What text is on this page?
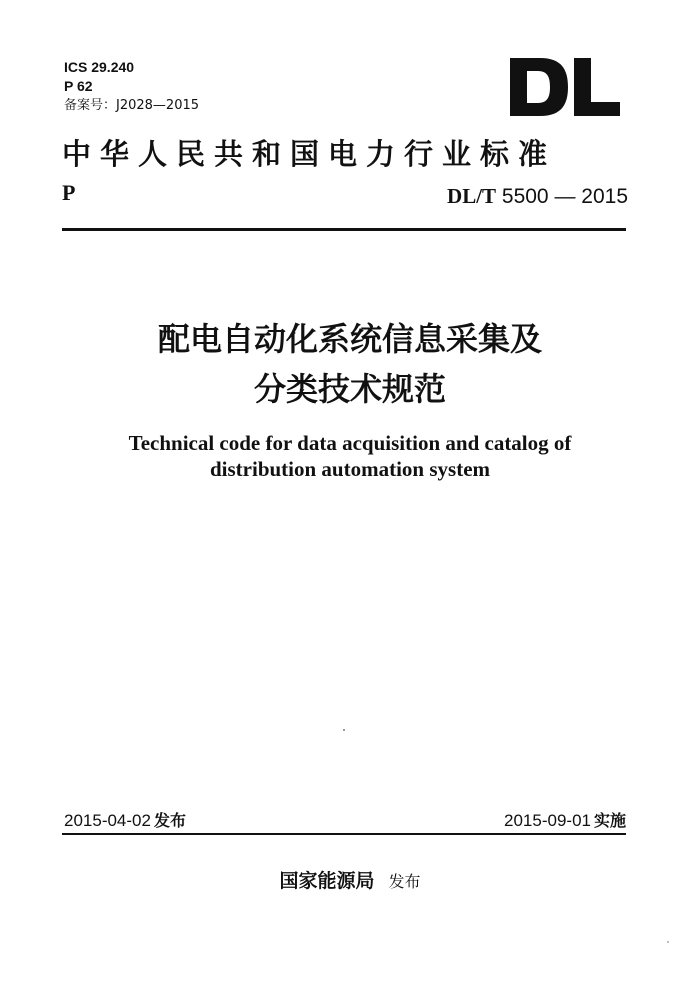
ICS 29.240
P 62
备案号：J2028—2015
中华人民共和国电力行业标准
P	DL/T 5500 — 2015
配电自动化系统信息采集及
分类技术规范
Technical code for data acquisition and catalog of
distribution automation system
2015-04-02 发布	2015-09-01 实施
国家能源局 发布
